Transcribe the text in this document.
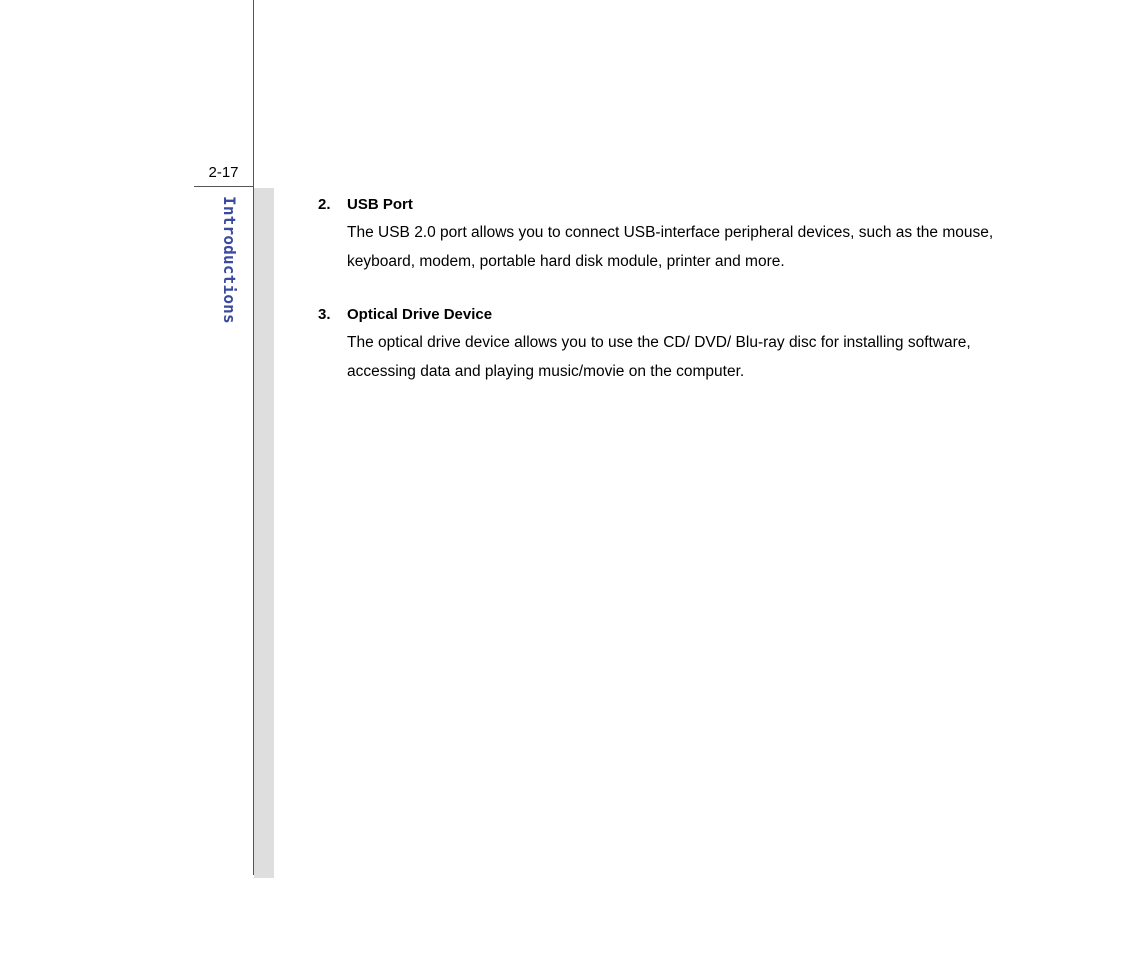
2-17
Introductions	2. USB Port
The USB 2.0 port allows you to connect USB-interface peripheral devices, such as the mouse, keyboard, modem, portable hard disk module, printer and more.
3. Optical Drive Device
The optical drive device allows you to use the CD/ DVD/ Blu-ray disc for installing software, accessing data and playing music/movie on the computer.
